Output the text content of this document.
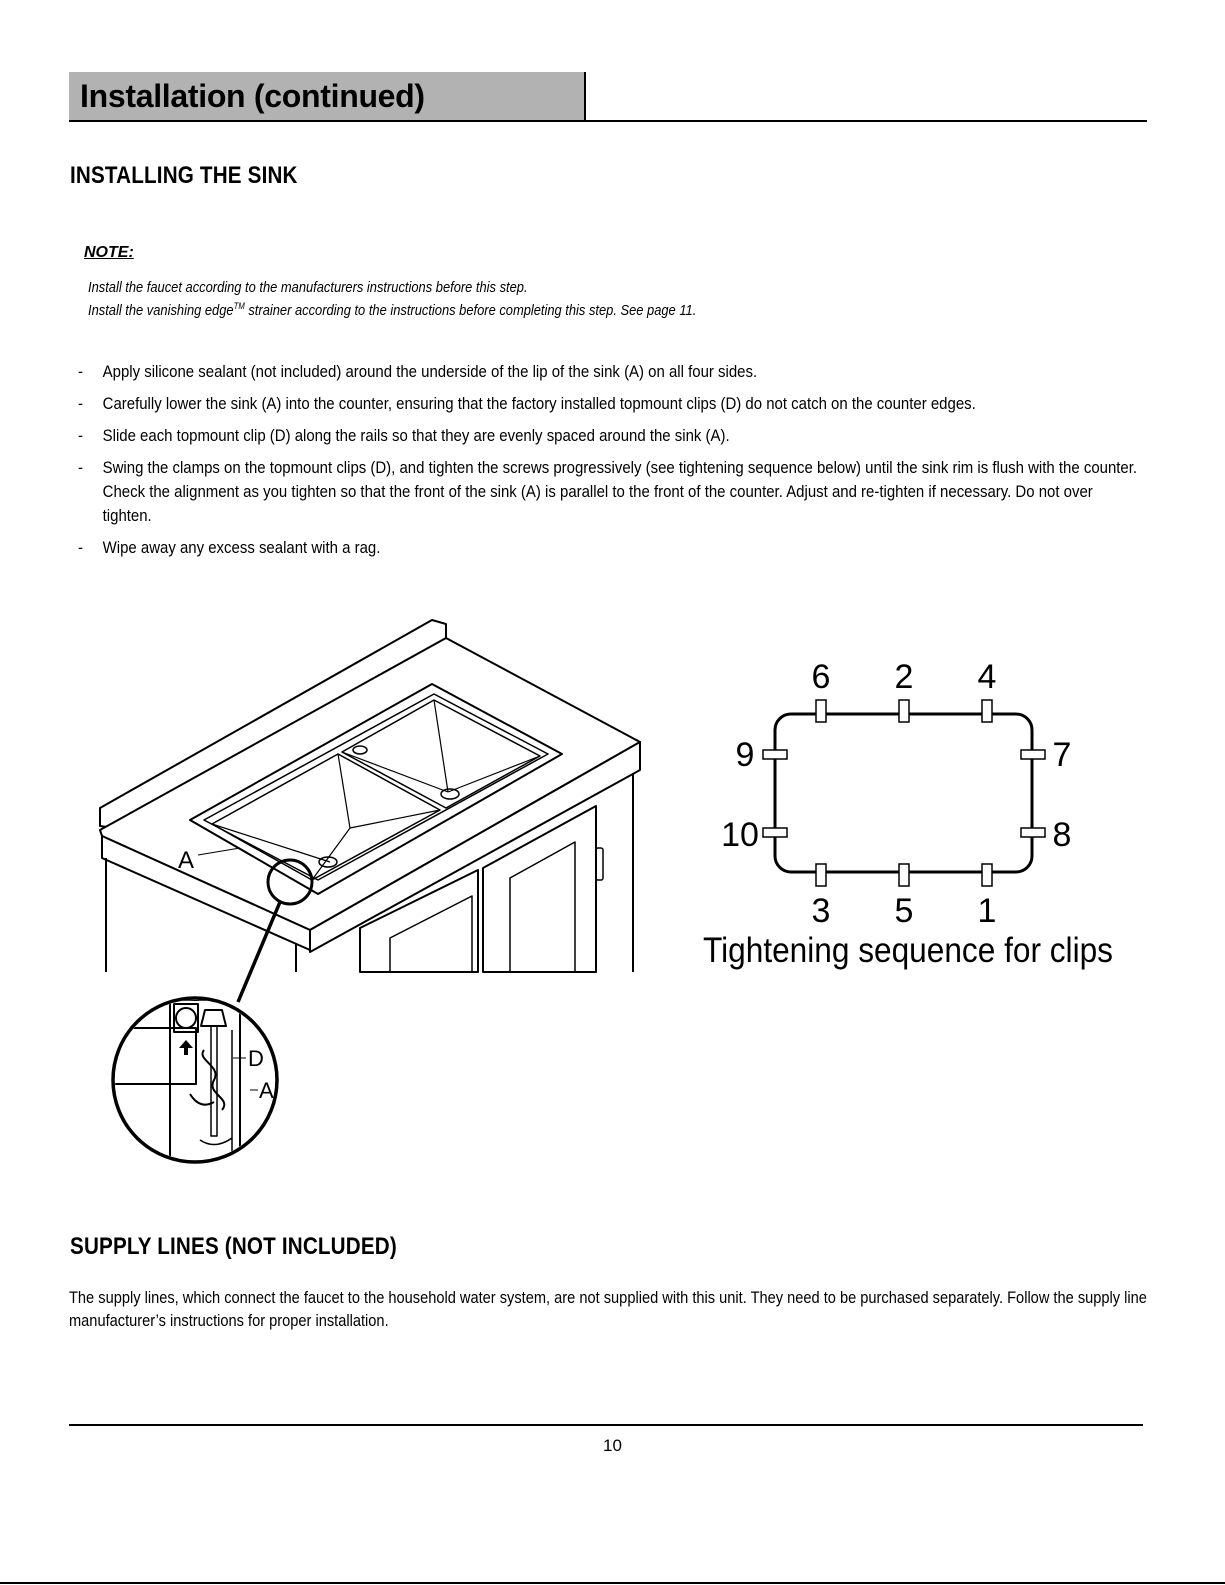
Installation (continued)
INSTALLING THE SINK
NOTE:
Install the faucet according to the manufacturers instructions before this step.
Install the vanishing edge™ strainer according to the instructions before completing this step. See page 11.
- Apply silicone sealant (not included) around the underside of the lip of the sink (A) on all four sides.
- Carefully lower the sink (A) into the counter, ensuring that the factory installed topmount clips (D) do not catch on the counter edges.
- Slide each topmount clip (D) along the rails so that they are evenly spaced around the sink (A).
- Swing the clamps on the topmount clips (D), and tighten the screws progressively (see tightening sequence below) until the sink rim is flush with the counter. Check the alignment as you tighten so that the front of the sink (A) is parallel to the front of the counter. Adjust and re-tighten if necessary. Do not over tighten.
- Wipe away any excess sealant with a rag.
A
D
A
6 2 4
9
10
7
8
3 5 1
Tightening sequence for clips
SUPPLY LINES (NOT INCLUDED)
The supply lines, which connect the faucet to the household water system, are not supplied with this unit. They need to be purchased separately. Follow the supply line manufacturer’s instructions for proper installation.
10
